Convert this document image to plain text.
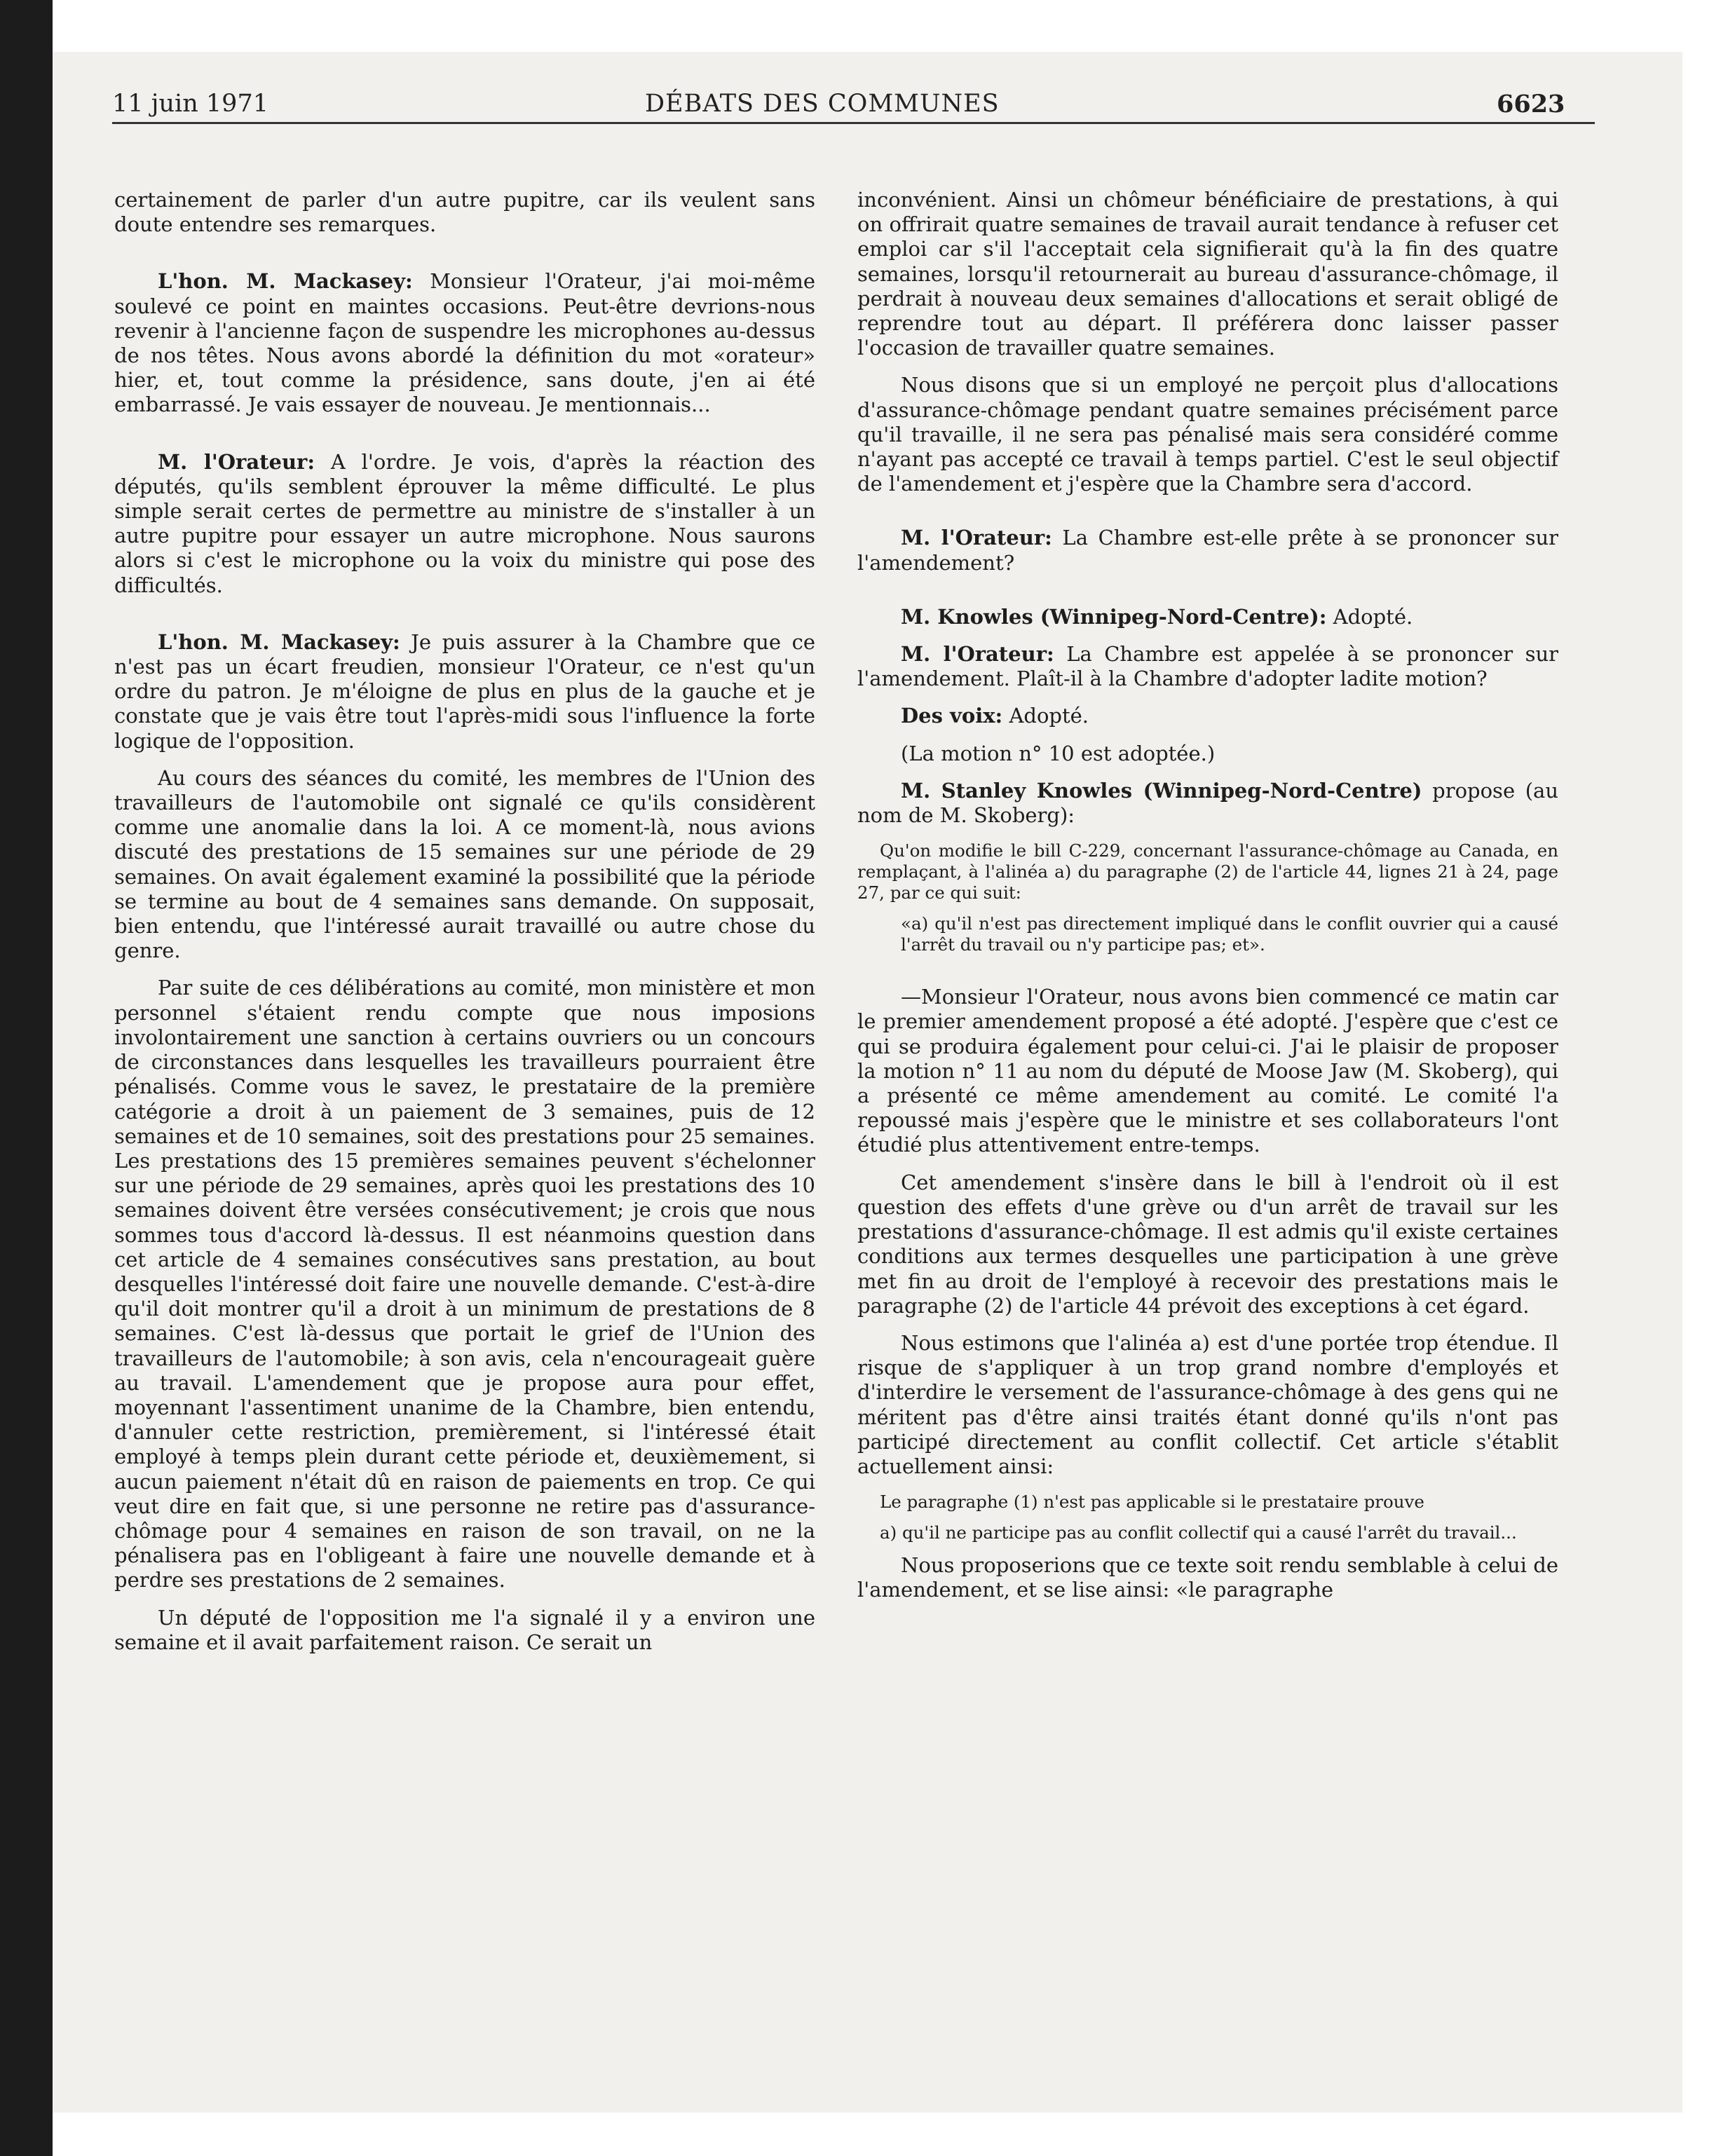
11 juin 1971	DÉBATS DES COMMUNES	6623

certainement de parler d'un autre pupitre, car ils veulent sans doute entendre ses remarques.

L'hon. M. Mackasey: Monsieur l'Orateur, j'ai moi-même soulevé ce point en maintes occasions. Peut-être devrions-nous revenir à l'ancienne façon de suspendre les microphones au-dessus de nos têtes. Nous avons abordé la définition du mot «orateur» hier, et, tout comme la présidence, sans doute, j'en ai été embarrassé. Je vais essayer de nouveau. Je mentionnais...

M. l'Orateur: A l'ordre. Je vois, d'après la réaction des députés, qu'ils semblent éprouver la même difficulté. Le plus simple serait certes de permettre au ministre de s'installer à un autre pupitre pour essayer un autre microphone. Nous saurons alors si c'est le microphone ou la voix du ministre qui pose des difficultés.

L'hon. M. Mackasey: Je puis assurer à la Chambre que ce n'est pas un écart freudien, monsieur l'Orateur, ce n'est qu'un ordre du patron. Je m'éloigne de plus en plus de la gauche et je constate que je vais être tout l'après-midi sous l'influence la forte logique de l'opposition.

Au cours des séances du comité, les membres de l'Union des travailleurs de l'automobile ont signalé ce qu'ils considèrent comme une anomalie dans la loi. A ce moment-là, nous avions discuté des prestations de 15 semaines sur une période de 29 semaines. On avait également examiné la possibilité que la période se termine au bout de 4 semaines sans demande. On supposait, bien entendu, que l'intéressé aurait travaillé ou autre chose du genre.

Par suite de ces délibérations au comité, mon ministère et mon personnel s'étaient rendu compte que nous imposions involontairement une sanction à certains ouvriers ou un concours de circonstances dans lesquelles les travailleurs pourraient être pénalisés. Comme vous le savez, le prestataire de la première catégorie a droit à un paiement de 3 semaines, puis de 12 semaines et de 10 semaines, soit des prestations pour 25 semaines. Les prestations des 15 premières semaines peuvent s'échelonner sur une période de 29 semaines, après quoi les prestations des 10 semaines doivent être versées consécutivement; je crois que nous sommes tous d'accord là-dessus. Il est néanmoins question dans cet article de 4 semaines consécutives sans prestation, au bout desquelles l'intéressé doit faire une nouvelle demande. C'est-à-dire qu'il doit montrer qu'il a droit à un minimum de prestations de 8 semaines. C'est là-dessus que portait le grief de l'Union des travailleurs de l'automobile; à son avis, cela n'encourageait guère au travail. L'amendement que je propose aura pour effet, moyennant l'assentiment unanime de la Chambre, bien entendu, d'annuler cette restriction, premièrement, si l'intéressé était employé à temps plein durant cette période et, deuxièmement, si aucun paiement n'était dû en raison de paiements en trop. Ce qui veut dire en fait que, si une personne ne retire pas d'assurance-chômage pour 4 semaines en raison de son travail, on ne la pénalisera pas en l'obligeant à faire une nouvelle demande et à perdre ses prestations de 2 semaines.

Un député de l'opposition me l'a signalé il y a environ une semaine et il avait parfaitement raison. Ce serait un

inconvénient. Ainsi un chômeur bénéficiaire de prestations, à qui on offrirait quatre semaines de travail aurait tendance à refuser cet emploi car s'il l'acceptait cela signifierait qu'à la fin des quatre semaines, lorsqu'il retournerait au bureau d'assurance-chômage, il perdrait à nouveau deux semaines d'allocations et serait obligé de reprendre tout au départ. Il préférera donc laisser passer l'occasion de travailler quatre semaines.

Nous disons que si un employé ne perçoit plus d'allocations d'assurance-chômage pendant quatre semaines précisément parce qu'il travaille, il ne sera pas pénalisé mais sera considéré comme n'ayant pas accepté ce travail à temps partiel. C'est le seul objectif de l'amendement et j'espère que la Chambre sera d'accord.

M. l'Orateur: La Chambre est-elle prête à se prononcer sur l'amendement?

M. Knowles (Winnipeg-Nord-Centre): Adopté.

M. l'Orateur: La Chambre est appelée à se prononcer sur l'amendement. Plaît-il à la Chambre d'adopter ladite motion?

Des voix: Adopté.

(La motion n° 10 est adoptée.)

M. Stanley Knowles (Winnipeg-Nord-Centre) propose (au nom de M. Skoberg):

Qu'on modifie le bill C-229, concernant l'assurance-chômage au Canada, en remplaçant, à l'alinéa a) du paragraphe (2) de l'article 44, lignes 21 à 24, page 27, par ce qui suit:

«a) qu'il n'est pas directement impliqué dans le conflit ouvrier qui a causé l'arrêt du travail ou n'y participe pas; et».

—Monsieur l'Orateur, nous avons bien commencé ce matin car le premier amendement proposé a été adopté. J'espère que c'est ce qui se produira également pour celui-ci. J'ai le plaisir de proposer la motion n° 11 au nom du député de Moose Jaw (M. Skoberg), qui a présenté ce même amendement au comité. Le comité l'a repoussé mais j'espère que le ministre et ses collaborateurs l'ont étudié plus attentivement entre-temps.

Cet amendement s'insère dans le bill à l'endroit où il est question des effets d'une grève ou d'un arrêt de travail sur les prestations d'assurance-chômage. Il est admis qu'il existe certaines conditions aux termes desquelles une participation à une grève met fin au droit de l'employé à recevoir des prestations mais le paragraphe (2) de l'article 44 prévoit des exceptions à cet égard.

Nous estimons que l'alinéa a) est d'une portée trop étendue. Il risque de s'appliquer à un trop grand nombre d'employés et d'interdire le versement de l'assurance-chômage à des gens qui ne méritent pas d'être ainsi traités étant donné qu'ils n'ont pas participé directement au conflit collectif. Cet article s'établit actuellement ainsi:

Le paragraphe (1) n'est pas applicable si le prestataire prouve

a) qu'il ne participe pas au conflit collectif qui a causé l'arrêt du travail...

Nous proposerions que ce texte soit rendu semblable à celui de l'amendement, et se lise ainsi: «le paragraphe
